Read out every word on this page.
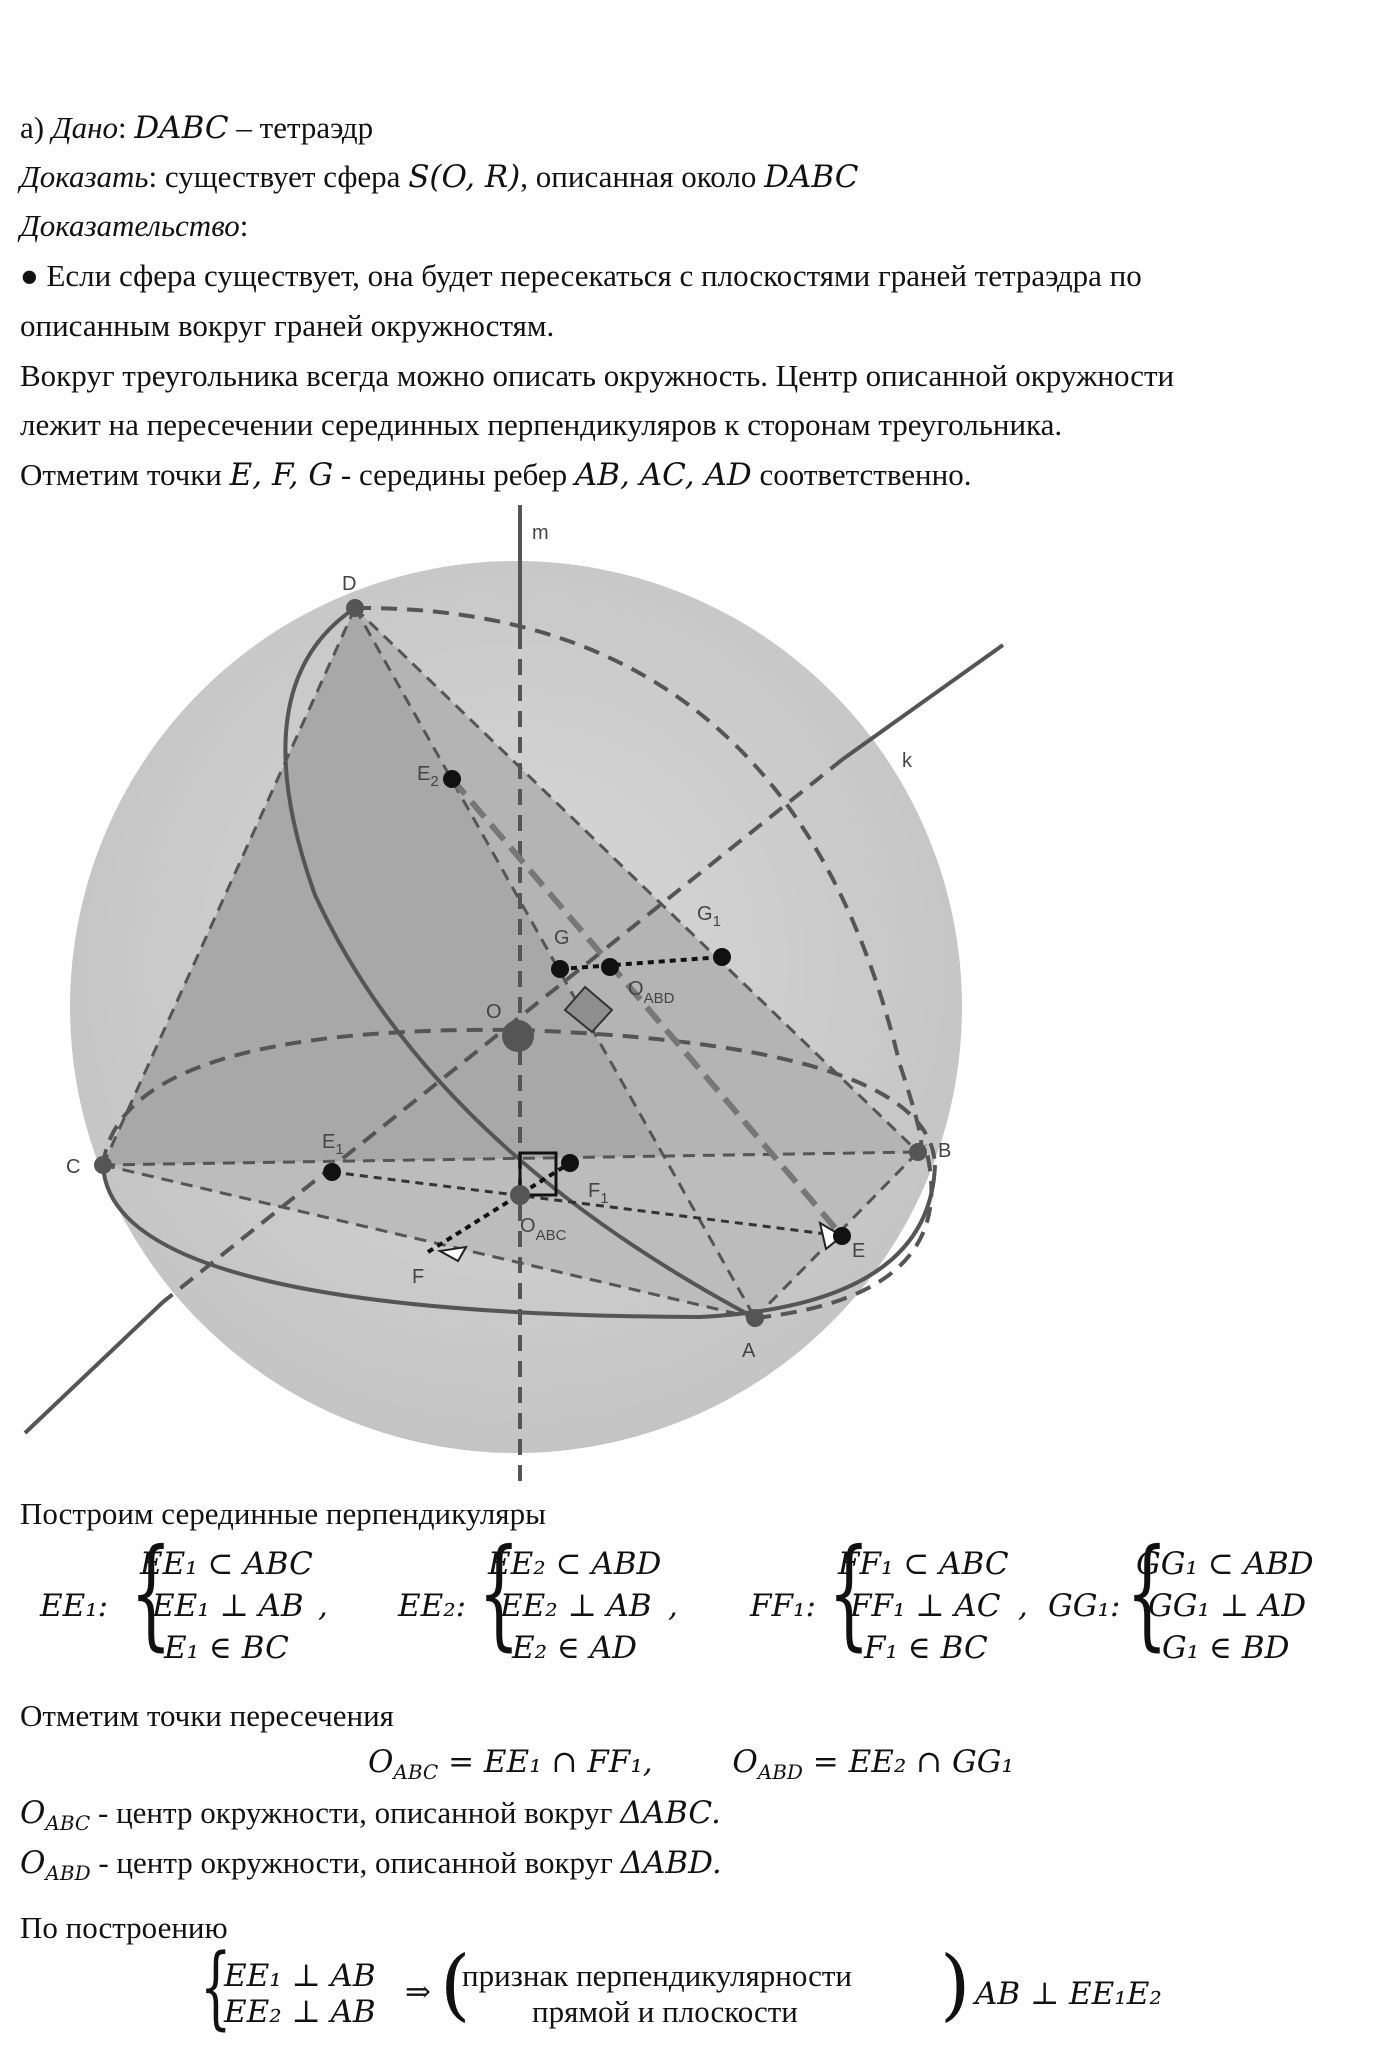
а) Дано: DABC – тетраэдр
Доказать: существует сфера S(O, R), описанная около DABC
Доказательство:
● Если сфера существует, она будет пересекаться с плоскостями граней тетраэдра по
описанным вокруг граней окружностям.
Вокруг треугольника всегда можно описать окружность. Центр описанной окружности
лежит на пересечении серединных перпендикуляров к сторонам треугольника.
Отметим точки E, F, G - середины ребер AB, AC, AD соответственно.
m
k
D
C
B
A
E
F
G
O
$E_2$
$E_1$
$F_1$
$G_1$
$O_{ABC}$
$O_{ABD}$
Построим серединные перпендикуляры
EE₁: {
EE₁ ⊂ ABC
EE₁ ⊥ AB
E₁ ∈ BC
, EE₂: {
EE₂ ⊂ ABD
EE₂ ⊥ AB
E₂ ∈ AD
, FF₁: {
FF₁ ⊂ ABC
FF₁ ⊥ AC
F₁ ∈ BC
, GG₁: {
GG₁ ⊂ ABD
GG₁ ⊥ AD
G₁ ∈ BD
Отметим точки пересечения
$O_{ABC} = EE_1$ ∩ FF₁,	$O_{ABD} = EE_2$ ∩ GG₁
$O_{ABC}$ - центр окружности, описанной вокруг ΔABC.
$O_{ABD}$ - центр окружности, описанной вокруг ΔABD.
По построению
{
EE₁ ⊥ AB
EE₂ ⊥ AB
⇒ (
признак перпендикулярности
прямой и плоскости ) AB ⊥ EE₁E₂
